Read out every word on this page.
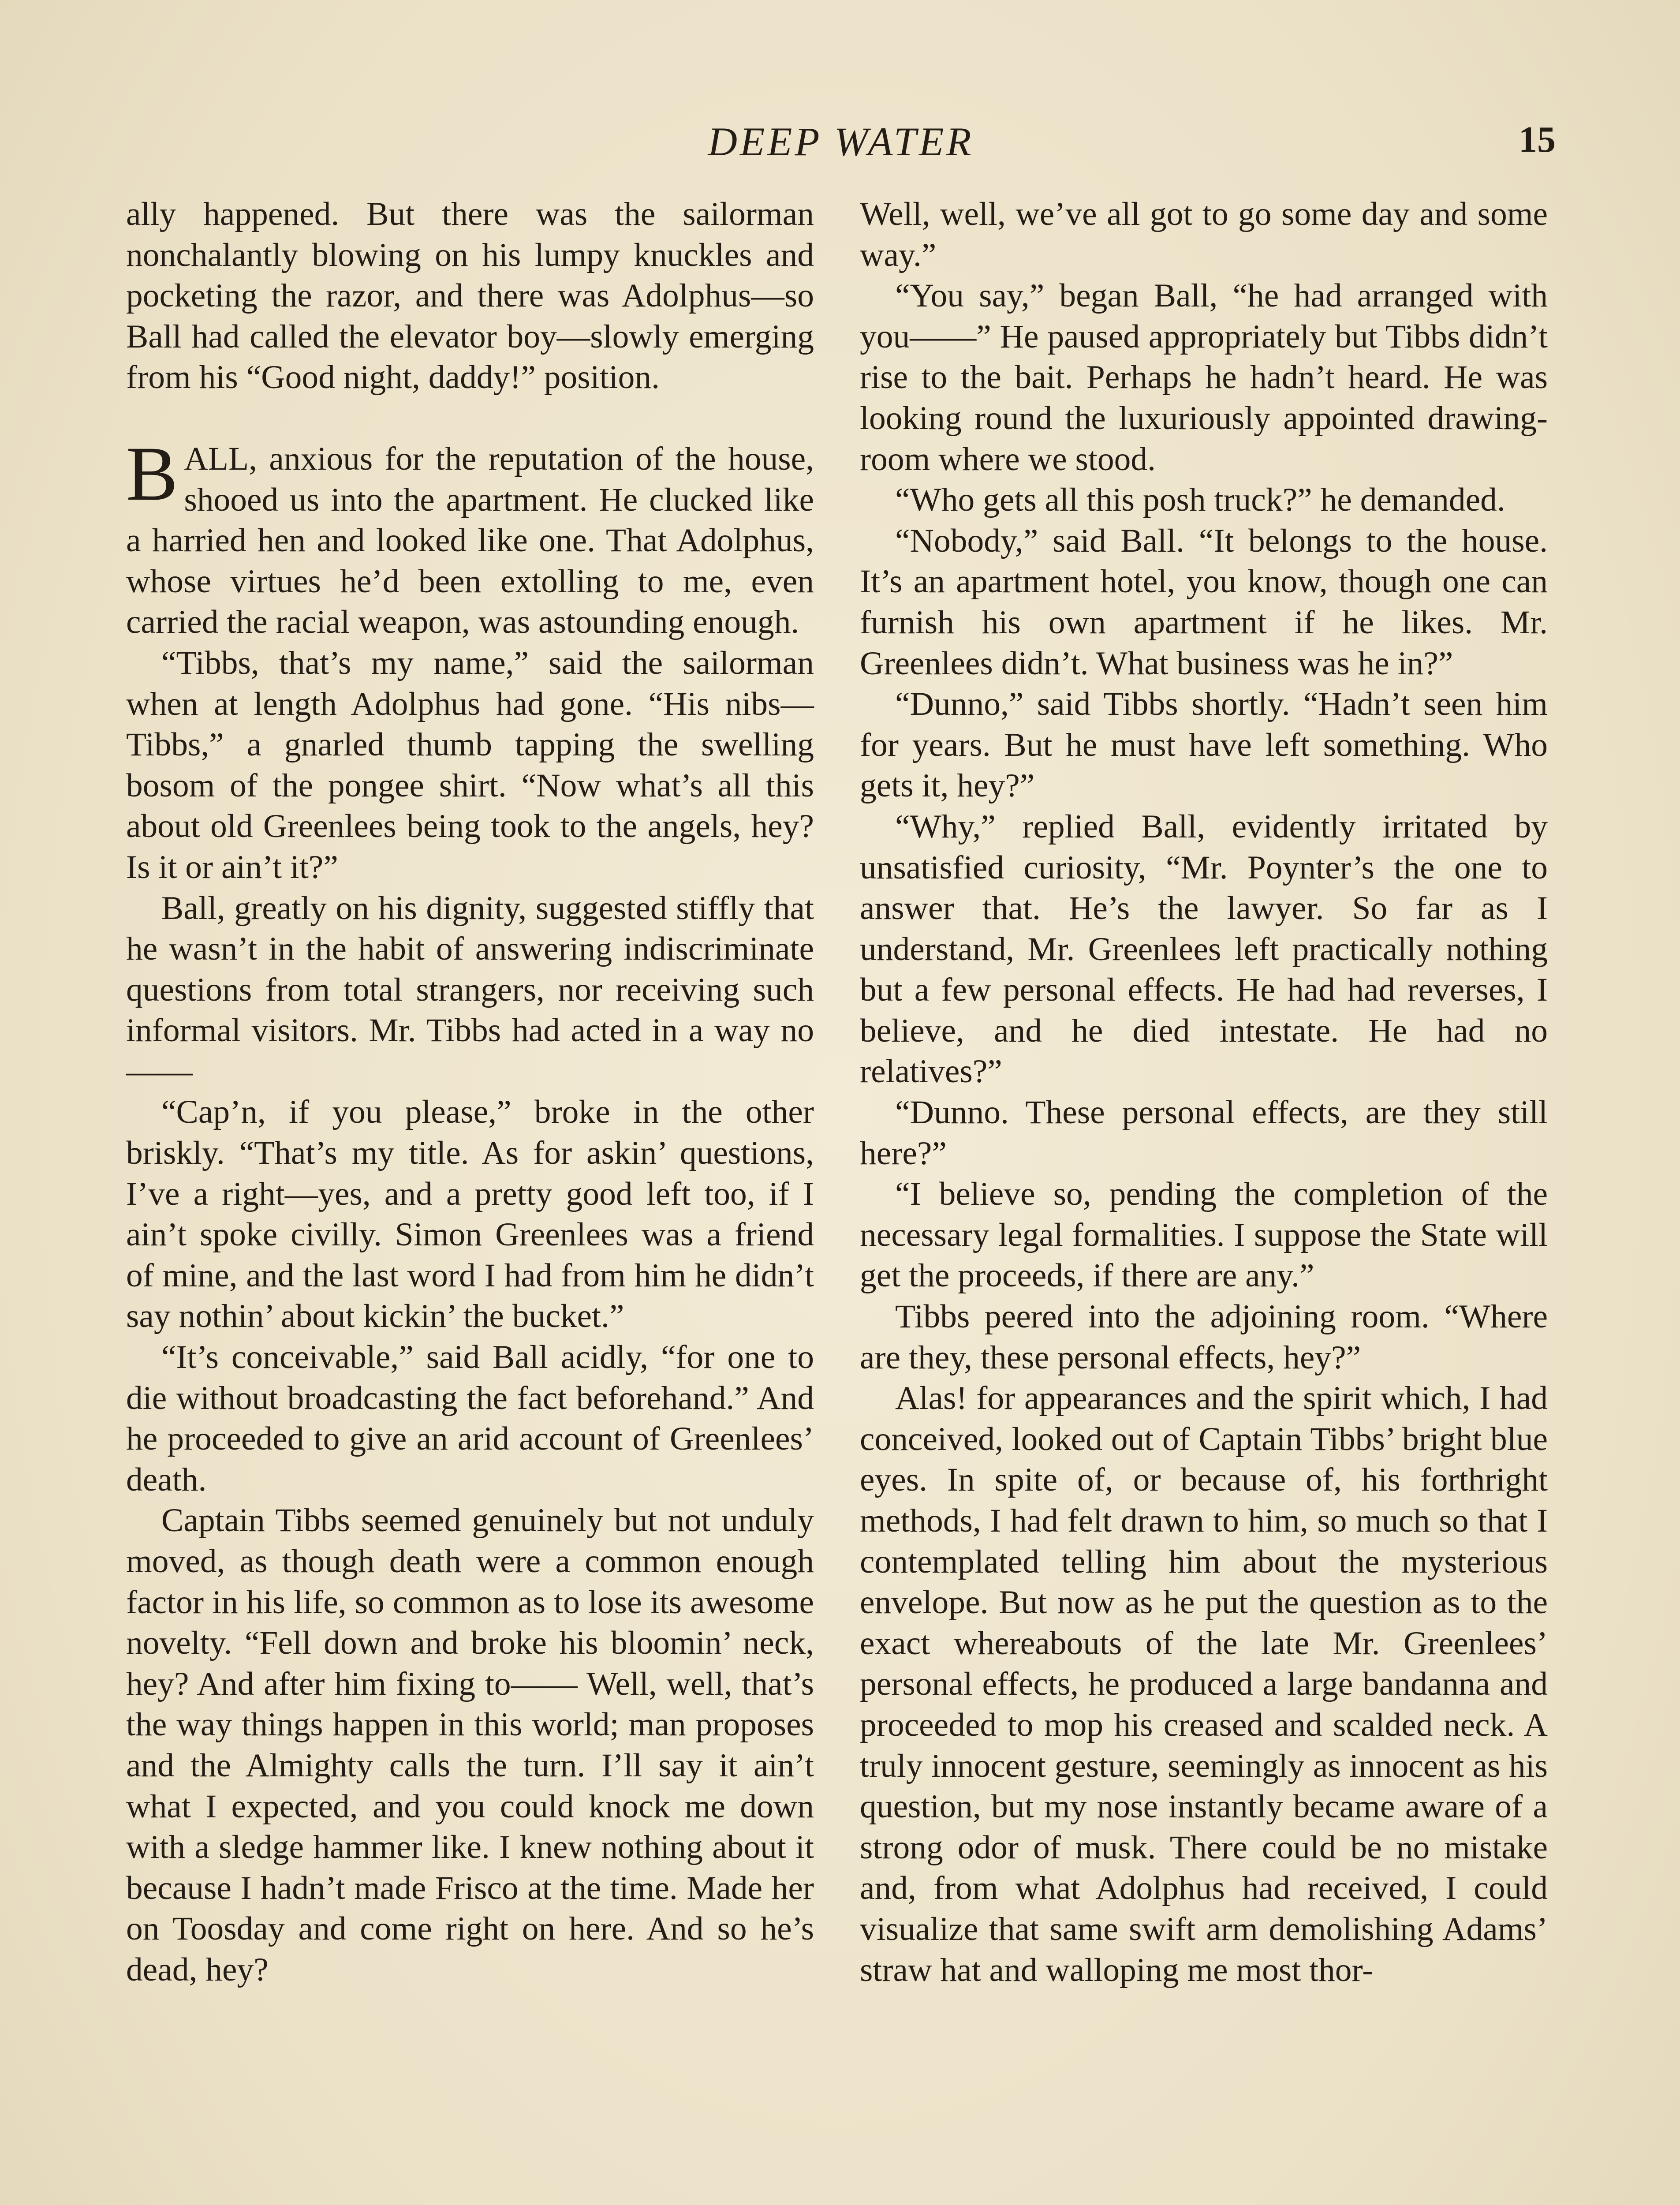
DEEP WATER	15

ally happened. But there was the sailorman nonchalantly blowing on his lumpy knuckles and pocketing the razor, and there was Adolphus—so Ball had called the elevator boy—slowly emerging from his “Good night, daddy!” position.

BALL, anxious for the reputation of the house, shooed us into the apartment. He clucked like a harried hen and looked like one. That Adolphus, whose virtues he’d been extolling to me, even carried the racial weapon, was astounding enough.

“Tibbs, that’s my name,” said the sailorman when at length Adolphus had gone. “His nibs—Tibbs,” a gnarled thumb tapping the swelling bosom of the pongee shirt. “Now what’s all this about old Greenlees being took to the angels, hey? Is it or ain’t it?”

Ball, greatly on his dignity, suggested stiffly that he wasn’t in the habit of answering indiscriminate questions from total strangers, nor receiving such informal visitors. Mr. Tibbs had acted in a way no——

“Cap’n, if you please,” broke in the other briskly. “That’s my title. As for askin’ questions, I’ve a right—yes, and a pretty good left too, if I ain’t spoke civilly. Simon Greenlees was a friend of mine, and the last word I had from him he didn’t say nothin’ about kickin’ the bucket.”

“It’s conceivable,” said Ball acidly, “for one to die without broadcasting the fact beforehand.” And he proceeded to give an arid account of Greenlees’ death.

Captain Tibbs seemed genuinely but not unduly moved, as though death were a common enough factor in his life, so common as to lose its awesome novelty. “Fell down and broke his bloomin’ neck, hey? And after him fixing to—— Well, well, that’s the way things happen in this world; man proposes and the Almighty calls the turn. I’ll say it ain’t what I expected, and you could knock me down with a sledge hammer like. I knew nothing about it because I hadn’t made Frisco at the time. Made her on Toosday and come right on here. And so he’s dead, hey?

Well, well, we’ve all got to go some day and some way.”

“You say,” began Ball, “he had arranged with you——” He paused appropriately but Tibbs didn’t rise to the bait. Perhaps he hadn’t heard. He was looking round the luxuriously appointed drawing-room where we stood.

“Who gets all this posh truck?” he demanded.

“Nobody,” said Ball. “It belongs to the house. It’s an apartment hotel, you know, though one can furnish his own apartment if he likes. Mr. Greenlees didn’t. What business was he in?”

“Dunno,” said Tibbs shortly. “Hadn’t seen him for years. But he must have left something. Who gets it, hey?”

“Why,” replied Ball, evidently irritated by unsatisfied curiosity, “Mr. Poynter’s the one to answer that. He’s the lawyer. So far as I understand, Mr. Greenlees left practically nothing but a few personal effects. He had had reverses, I believe, and he died intestate. He had no relatives?”

“Dunno. These personal effects, are they still here?”

“I believe so, pending the completion of the necessary legal formalities. I suppose the State will get the proceeds, if there are any.”

Tibbs peered into the adjoining room. “Where are they, these personal effects, hey?”

Alas! for appearances and the spirit which, I had conceived, looked out of Captain Tibbs’ bright blue eyes. In spite of, or because of, his forthright methods, I had felt drawn to him, so much so that I contemplated telling him about the mysterious envelope. But now as he put the question as to the exact whereabouts of the late Mr. Greenlees’ personal effects, he produced a large bandanna and proceeded to mop his creased and scalded neck. A truly innocent gesture, seemingly as innocent as his question, but my nose instantly became aware of a strong odor of musk. There could be no mistake and, from what Adolphus had received, I could visualize that same swift arm demolishing Adams’ straw hat and walloping me most thor-
